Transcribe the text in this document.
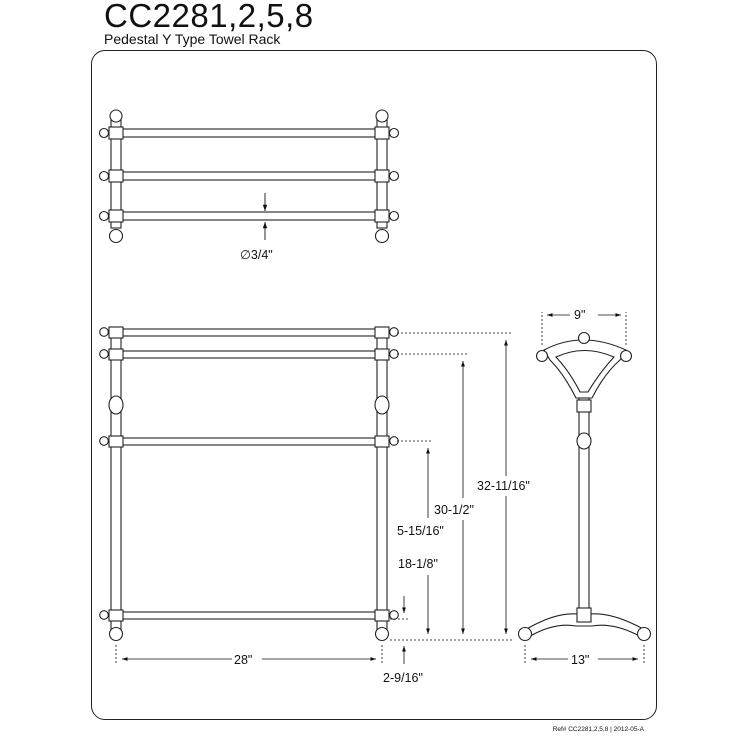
CC2281,2,5,8
Pedestal Y Type Towel Rack
∅3/4"
32-11/16"
30-1/2"
5-15/16"
18-1/8"
28"
2-9/16"
9"
13"
Ref# CC2281,2,5,8 | 2012-05-A
